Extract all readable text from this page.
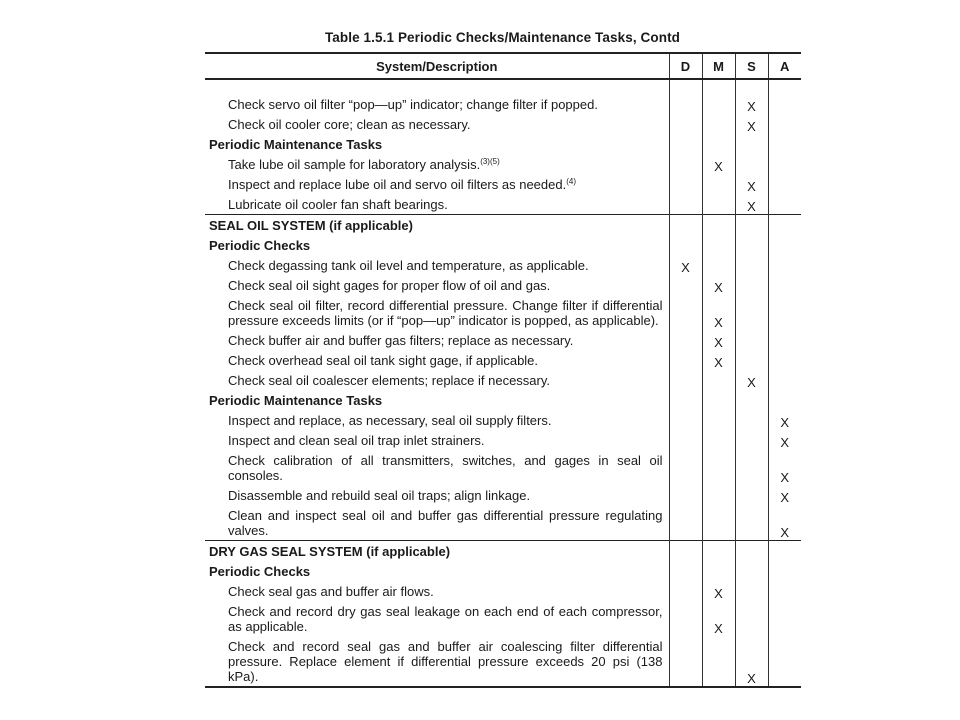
Table 1.5.1 Periodic Checks/Maintenance Tasks, Contd
System/Description	D	M	S	A

Check servo oil filter “pop—up” indicator; change filter if popped.			X	
Check oil cooler core; clean as necessary.			X	
Periodic Maintenance Tasks				
Take lube oil sample for laboratory analysis.$^{(3)(5)}$		X		
Inspect and replace lube oil and servo oil filters as needed.$^{(4)}$			X	
Lubricate oil cooler fan shaft bearings.			X	
SEAL OIL SYSTEM (if applicable)				
Periodic Checks				
Check degassing tank oil level and temperature, as applicable.	X			
Check seal oil sight gages for proper flow of oil and gas.		X		
Check seal oil filter, record differential pressure. Change filter if differential pressure exceeds limits (or if “pop—up” indicator is popped, as applicable).		X		
Check buffer air and buffer gas filters; replace as necessary.		X		
Check overhead seal oil tank sight gage, if applicable.		X		
Check seal oil coalescer elements; replace if necessary.			X	
Periodic Maintenance Tasks				
Inspect and replace, as necessary, seal oil supply filters.				X
Inspect and clean seal oil trap inlet strainers.				X
Check calibration of all transmitters, switches, and gages in seal oil consoles.				X
Disassemble and rebuild seal oil traps; align linkage.				X
Clean and inspect seal oil and buffer gas differential pressure regulating valves.				X
DRY GAS SEAL SYSTEM (if applicable)				
Periodic Checks				
Check seal gas and buffer air flows.		X		
Check and record dry gas seal leakage on each end of each compressor, as applicable.		X		
Check and record seal gas and buffer air coalescing filter differential pressure. Replace element if differential pressure exceeds 20 psi (138 kPa).			X	
